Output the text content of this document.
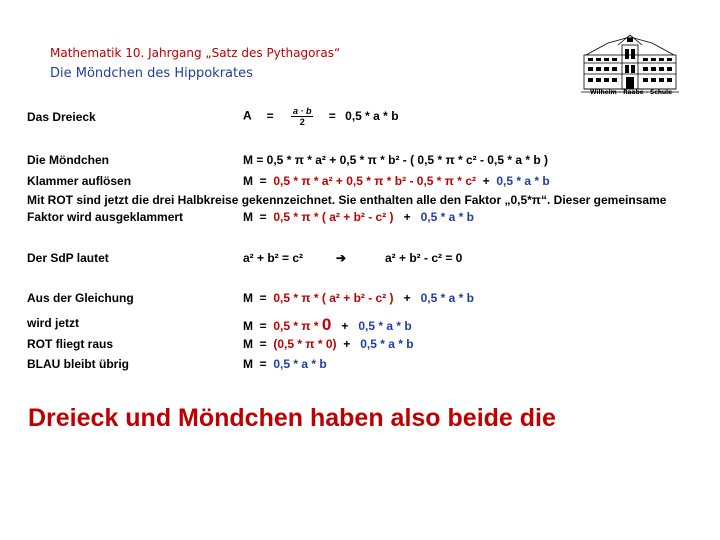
Mathematik 10. Jahrgang „Satz des Pythagoras“
Die Möndchen des Hippokrates
Wilhelm - Raabe - Schule
Das Dreieck	$A = \frac{a \cdot b}{2} = 0,5 * a * b$
Die Möndchen	M = 0,5 * π * a² + 0,5 * π * b² - ( 0,5 * π * c² - 0,5 * a * b )
Klammer auflösen	M  =  0,5 * π * a² + 0,5 * π * b² - 0,5 * π * c²  +  0,5 * a * b
Mit ROT sind jetzt die drei Halbkreise gekennzeichnet. Sie enthalten alle den Faktor „0,5*π“. Dieser gemeinsame
Faktor wird ausgeklammert	M  =  0,5 * π * ( a² + b² - c² )   +   0,5 * a * b
Der SdP lautet	a² + b² = c²	➔	a² + b² - c² = 0
Aus der Gleichung	M  =  0,5 * π * ( a² + b² - c² )   +   0,5 * a * b
wird jetzt	M  =  0,5 * π * 0   +   0,5 * a * b
ROT fliegt raus	M  =  (0,5 * π * 0)  +   0,5 * a * b
BLAU bleibt übrig	M  =  0,5 * a * b
Dreieck und Möndchen haben also beide die
